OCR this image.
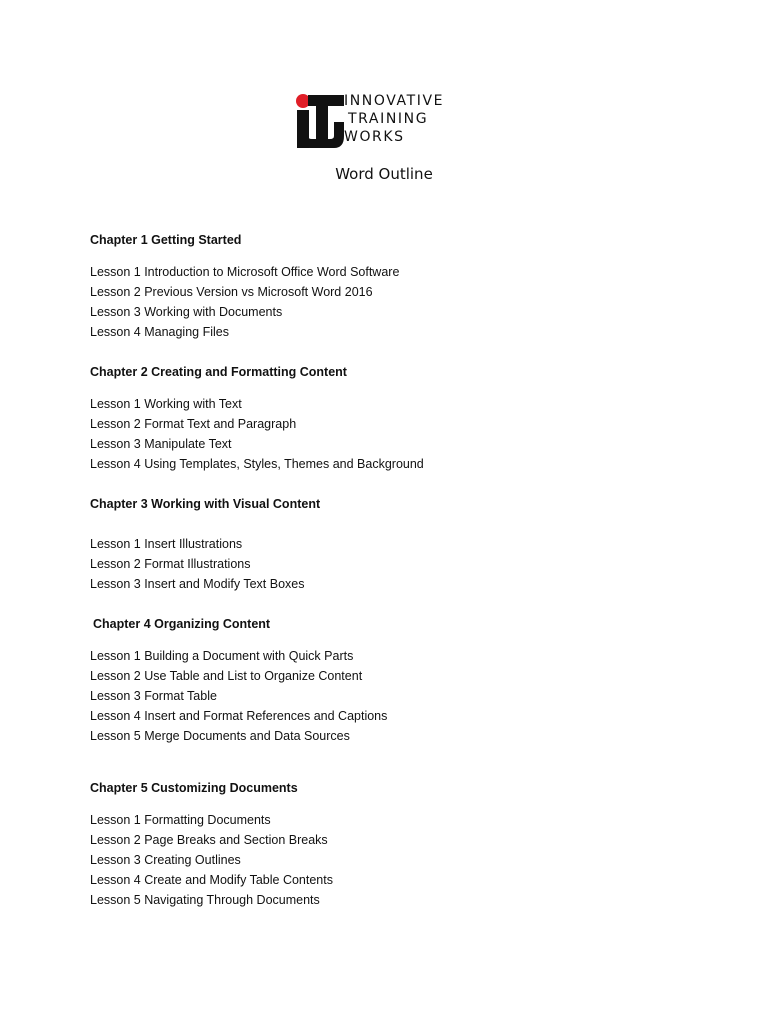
INNOVATIVE
TRAINING
WORKS
Word Outline
Chapter 1 Getting Started
Lesson 1 Introduction to Microsoft Office Word Software
Lesson 2 Previous Version vs Microsoft Word 2016
Lesson 3 Working with Documents
Lesson 4 Managing Files
Chapter 2 Creating and Formatting Content
Lesson 1 Working with Text
Lesson 2 Format Text and Paragraph
Lesson 3 Manipulate Text
Lesson 4 Using Templates, Styles, Themes and Background
Chapter 3 Working with Visual Content
Lesson 1 Insert Illustrations
Lesson 2 Format Illustrations
Lesson 3 Insert and Modify Text Boxes
Chapter 4 Organizing Content
Lesson 1 Building a Document with Quick Parts
Lesson 2 Use Table and List to Organize Content
Lesson 3 Format Table
Lesson 4 Insert and Format References and Captions
Lesson 5 Merge Documents and Data Sources
Chapter 5 Customizing Documents
Lesson 1 Formatting Documents
Lesson 2 Page Breaks and Section Breaks
Lesson 3 Creating Outlines
Lesson 4 Create and Modify Table Contents
Lesson 5 Navigating Through Documents
